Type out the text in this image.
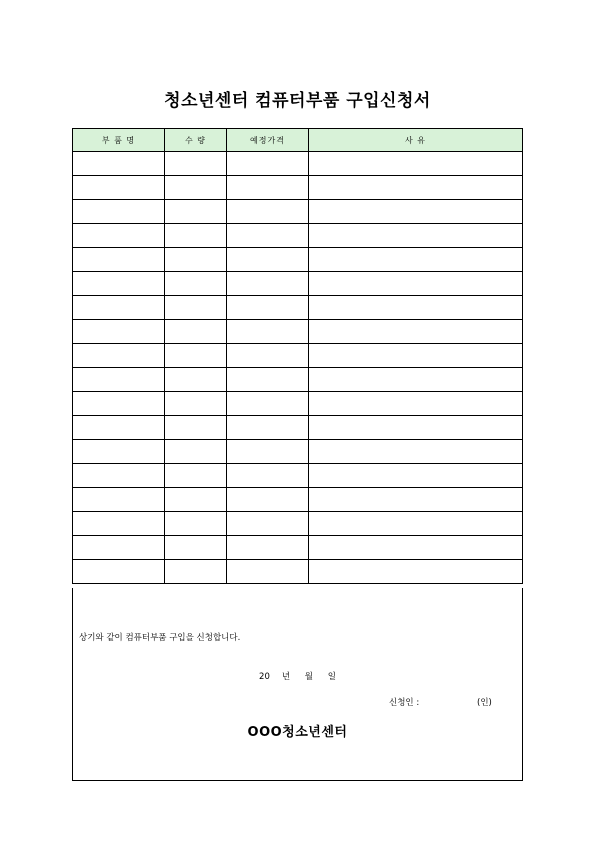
청소년센터 컴퓨터부품 구입신청서
부 품 명	수 량	예정가격	사 유

상기와 같이 컴퓨터부품 구입을 신청합니다.
20 년 월 일
신청인 :	(인)
OOO청소년센터
